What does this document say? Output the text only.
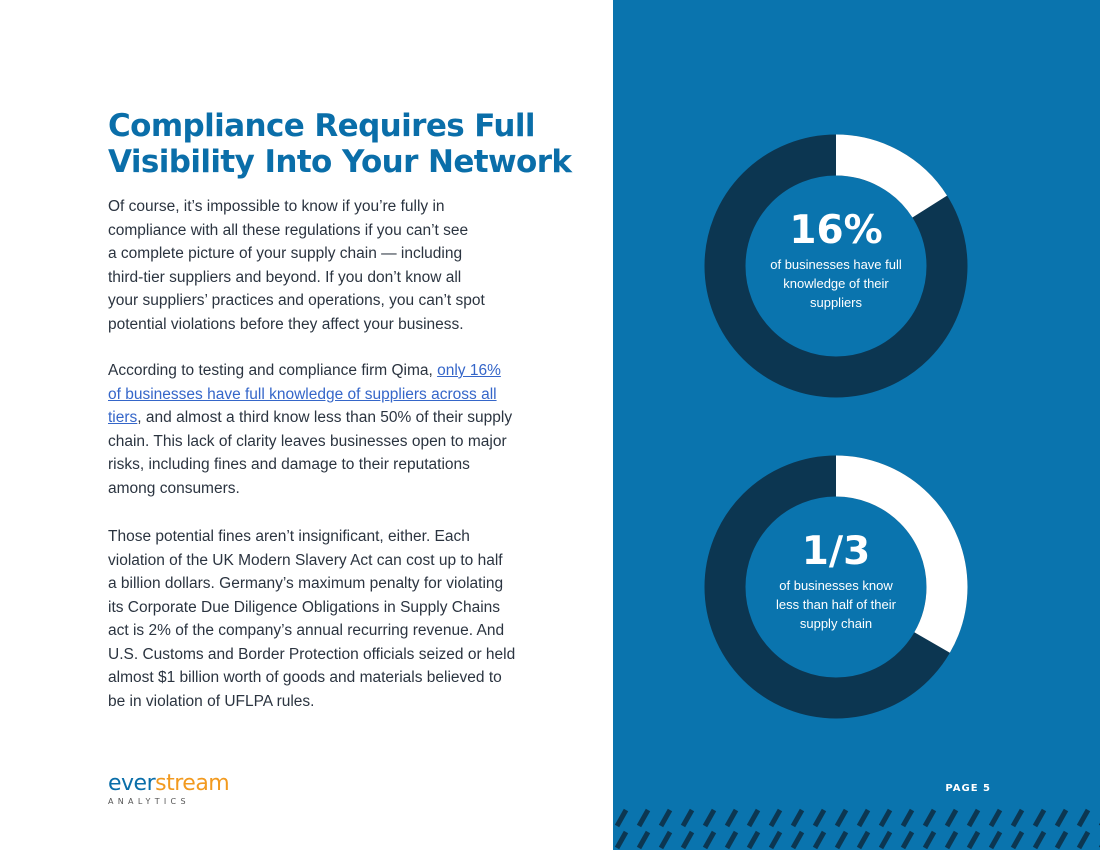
Compliance Requires Full
Visibility Into Your Network

Of course, it’s impossible to know if you’re fully in
compliance with all these regulations if you can’t see
a complete picture of your supply chain — including
third-tier suppliers and beyond. If you don’t know all
your suppliers’ practices and operations, you can’t spot
potential violations before they affect your business.

According to testing and compliance firm Qima, only 16%
of businesses have full knowledge of suppliers across all
tiers, and almost a third know less than 50% of their supply
chain. This lack of clarity leaves businesses open to major
risks, including fines and damage to their reputations
among consumers.

Those potential fines aren’t insignificant, either. Each
violation of the UK Modern Slavery Act can cost up to half
a billion dollars. Germany’s maximum penalty for violating
its Corporate Due Diligence Obligations in Supply Chains
act is 2% of the company’s annual recurring revenue. And
U.S. Customs and Border Protection officials seized or held
almost $1 billion worth of goods and materials believed to
be in violation of UFLPA rules.

everstream
ANALYTICS
16%
of businesses have full
knowledge of their
suppliers
1/3
of businesses know
less than half of their
supply chain
PAGE 5
